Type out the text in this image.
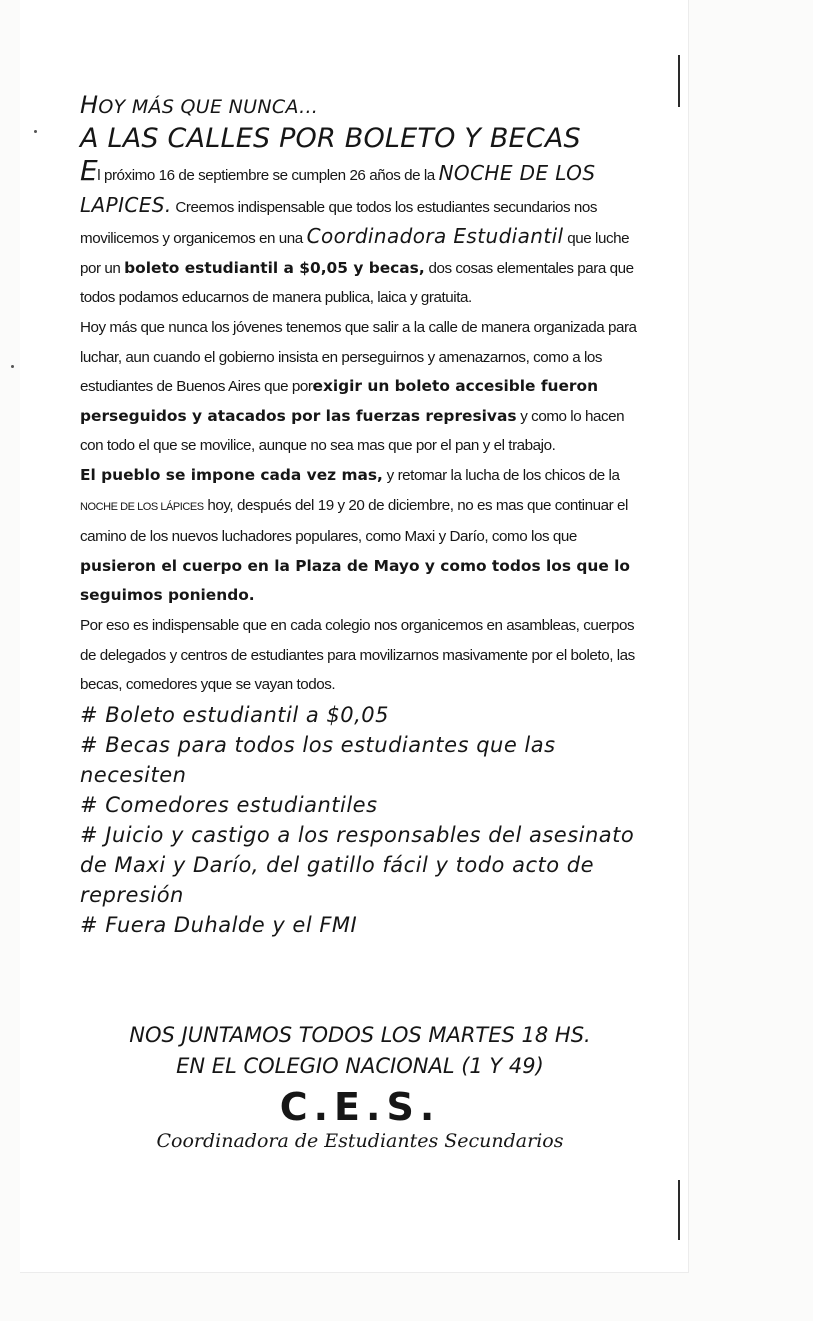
HOY MÁS QUE NUNCA...

A LAS CALLES POR BOLETO Y BECAS

El próximo 16 de septiembre se cumplen 26 años de la NOCHE DE LOS LAPICES. Creemos indispensable que todos los estudiantes secundarios nos movilicemos y organicemos en una Coordinadora Estudiantil que luche por un boleto estudiantil a $0,05 y becas, dos cosas elementales para que todos podamos educarnos de manera publica, laica y gratuita.

Hoy más que nunca los jóvenes tenemos que salir a la calle de manera organizada para luchar, aun cuando el gobierno insista en perseguirnos y amenazarnos, como a los estudiantes de Buenos Aires que porexigir un boleto accesible fueron perseguidos y atacados por las fuerzas represivas y como lo hacen con todo el que se movilice, aunque no sea mas que por el pan y el trabajo.

El pueblo se impone cada vez mas, y retomar la lucha de los chicos de la NOCHE DE LOS LÁPICES hoy, después del 19 y 20 de diciembre, no es mas que continuar el camino de los nuevos luchadores populares, como Maxi y Darío, como los que pusieron el cuerpo en la Plaza de Mayo y como todos los que lo seguimos poniendo.

Por eso es indispensable que en cada colegio nos organicemos en asambleas, cuerpos de delegados y centros de estudiantes para movilizarnos masivamente por el boleto, las becas, comedores yque se vayan todos.

# Boleto estudiantil a $0,05
# Becas para todos los estudiantes que las necesiten
# Comedores estudiantiles
# Juicio y castigo a los responsables del asesinato de Maxi y Darío, del gatillo fácil y todo acto de represión
# Fuera Duhalde y el FMI
NOS JUNTAMOS TODOS LOS MARTES 18 HS.
EN EL COLEGIO NACIONAL (1 Y 49)
C.E.S.
Coordinadora de Estudiantes Secundarios
